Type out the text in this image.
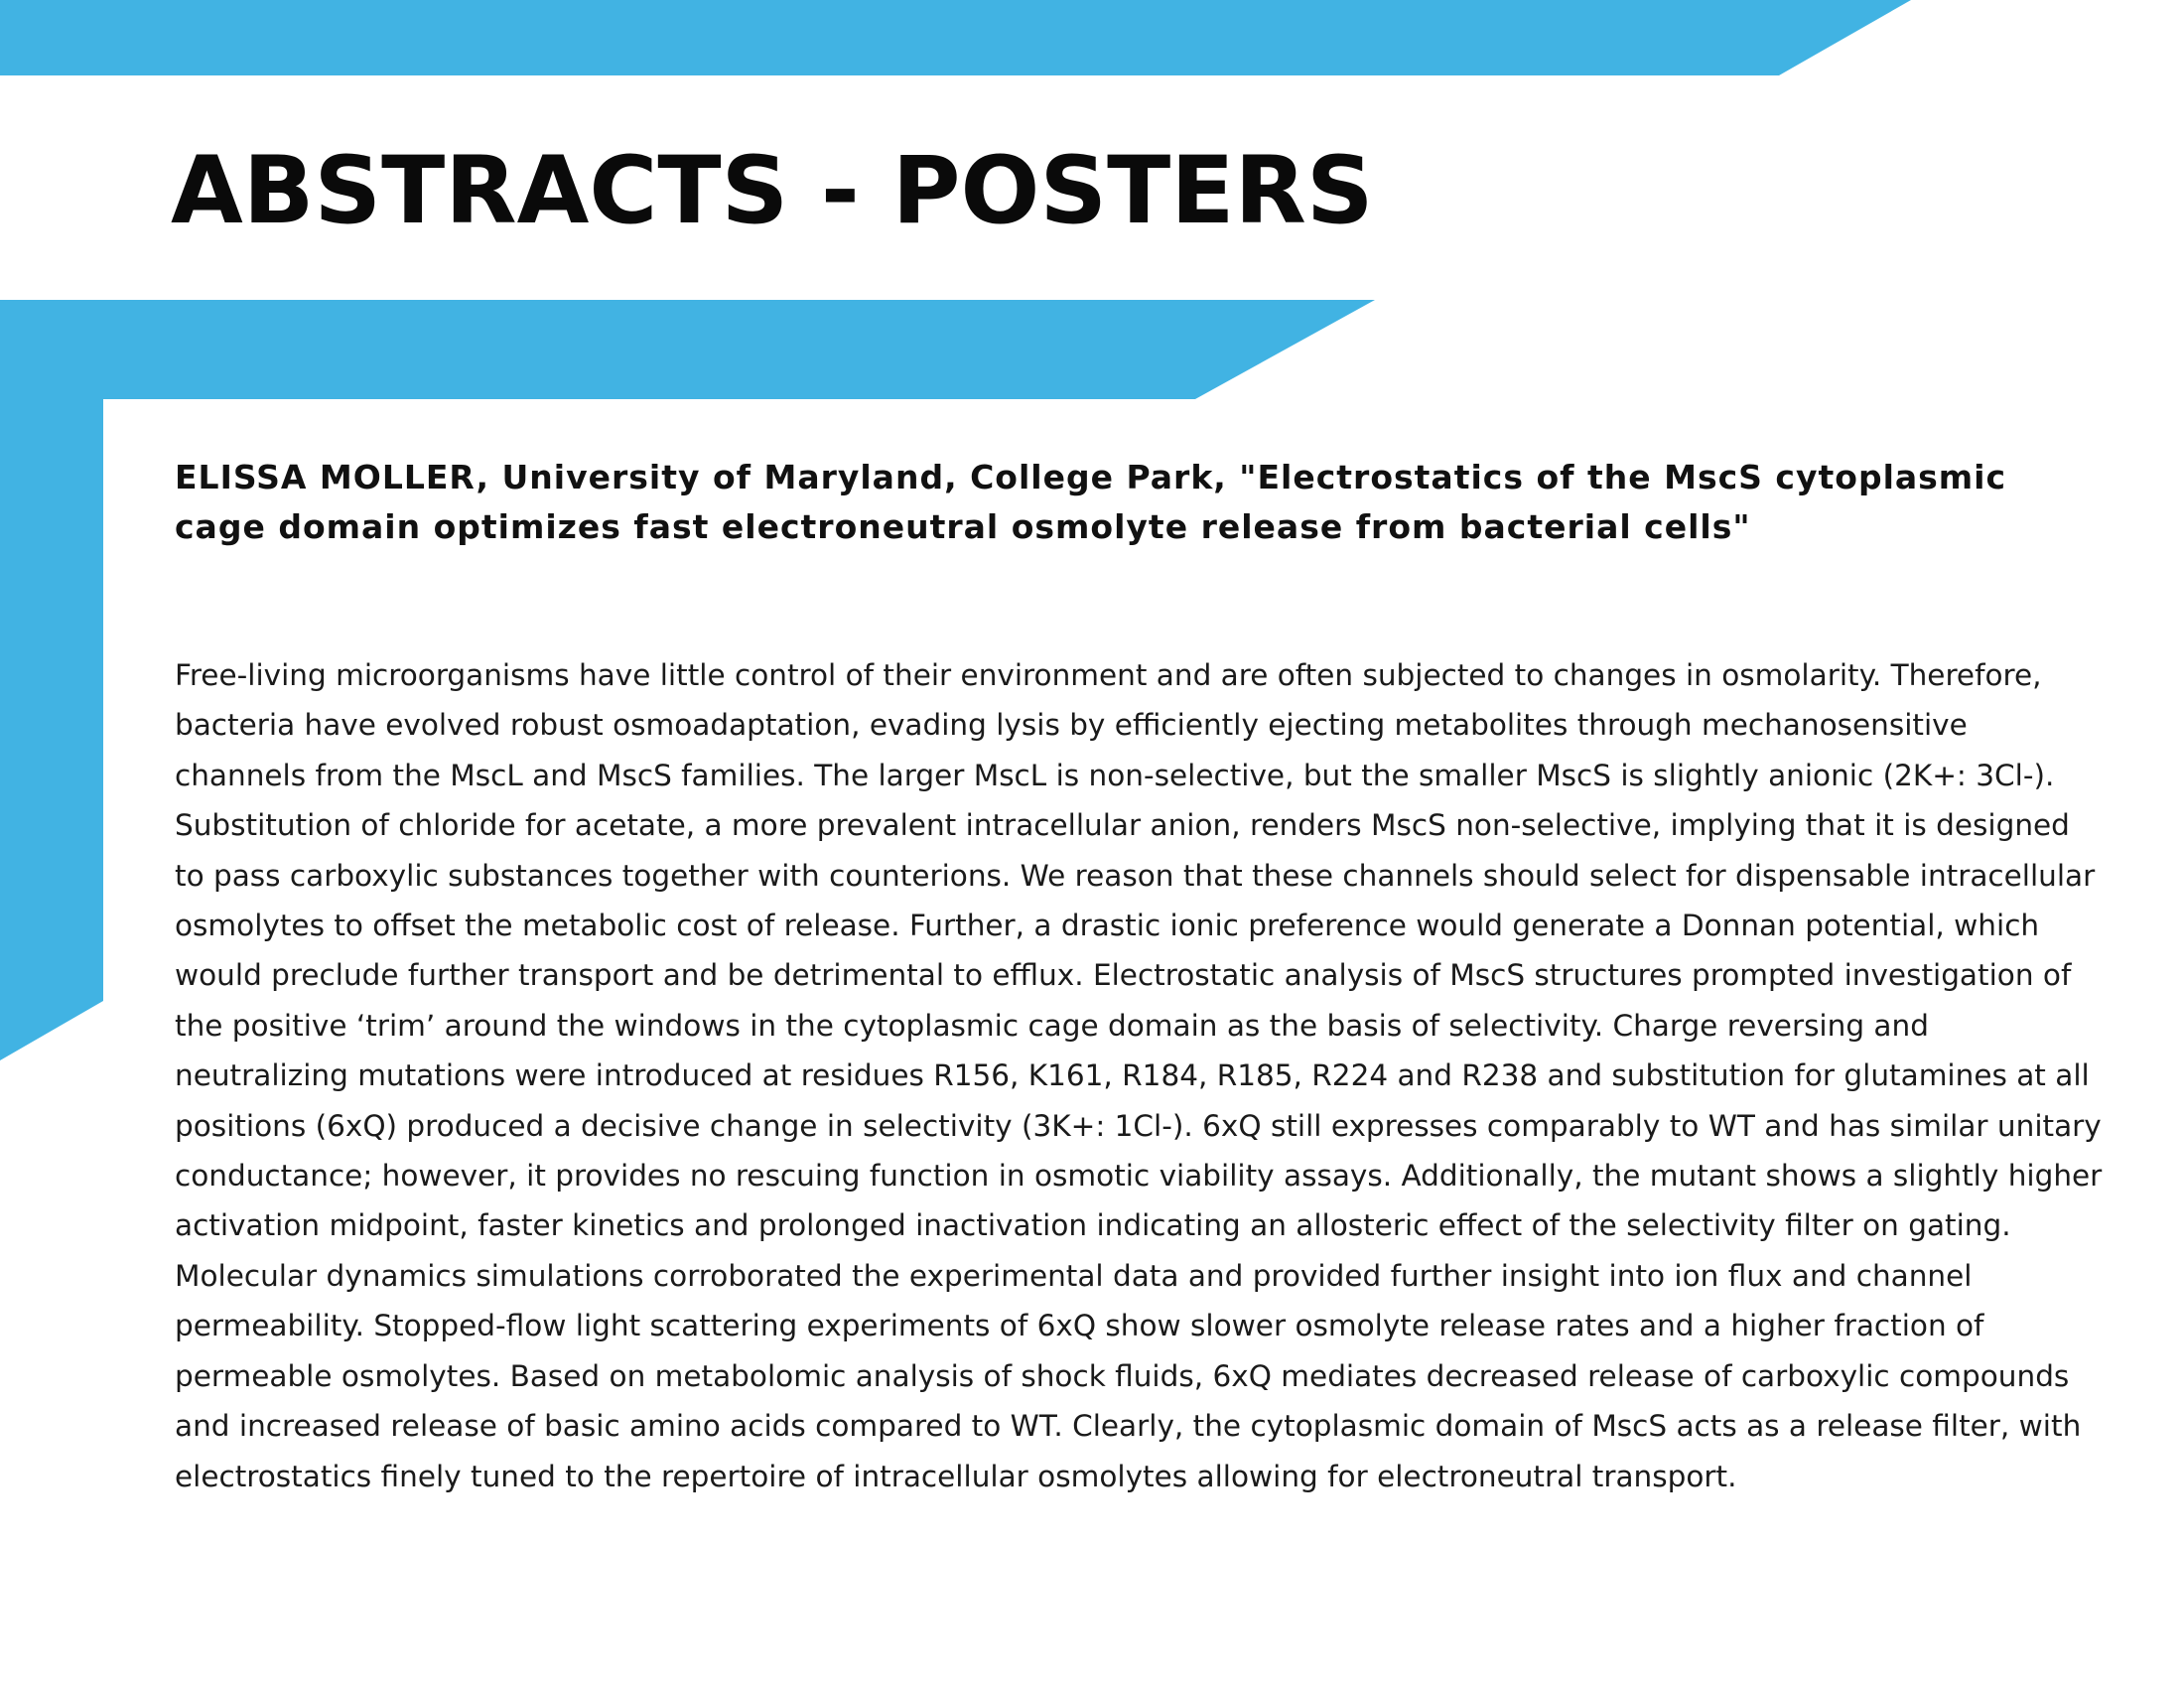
ABSTRACTS - POSTERS
ELISSA MOLLER, University of Maryland, College Park, "Electrostatics of the MscS cytoplasmic cage domain optimizes fast electroneutral osmolyte release from bacterial cells"

Free-living microorganisms have little control of their environment and are often subjected to changes in osmolarity. Therefore, bacteria have evolved robust osmoadaptation, evading lysis by efficiently ejecting metabolites through mechanosensitive channels from the MscL and MscS families. The larger MscL is non-selective, but the smaller MscS is slightly anionic (2K+: 3Cl-). Substitution of chloride for acetate, a more prevalent intracellular anion, renders MscS non-selective, implying that it is designed to pass carboxylic substances together with counterions. We reason that these channels should select for dispensable intracellular osmolytes to offset the metabolic cost of release. Further, a drastic ionic preference would generate a Donnan potential, which would preclude further transport and be detrimental to efflux. Electrostatic analysis of MscS structures prompted investigation of the positive ‘trim’ around the windows in the cytoplasmic cage domain as the basis of selectivity. Charge reversing and neutralizing mutations were introduced at residues R156, K161, R184, R185, R224 and R238 and substitution for glutamines at all positions (6xQ) produced a decisive change in selectivity (3K+: 1Cl-). 6xQ still expresses comparably to WT and has similar unitary conductance; however, it provides no rescuing function in osmotic viability assays. Additionally, the mutant shows a slightly higher activation midpoint, faster kinetics and prolonged inactivation indicating an allosteric effect of the selectivity filter on gating. Molecular dynamics simulations corroborated the experimental data and provided further insight into ion flux and channel permeability. Stopped-flow light scattering experiments of 6xQ show slower osmolyte release rates and a higher fraction of permeable osmolytes. Based on metabolomic analysis of shock fluids, 6xQ mediates decreased release of carboxylic compounds and increased release of basic amino acids compared to WT. Clearly, the cytoplasmic domain of MscS acts as a release filter, with electrostatics finely tuned to the repertoire of intracellular osmolytes allowing for electroneutral transport.
